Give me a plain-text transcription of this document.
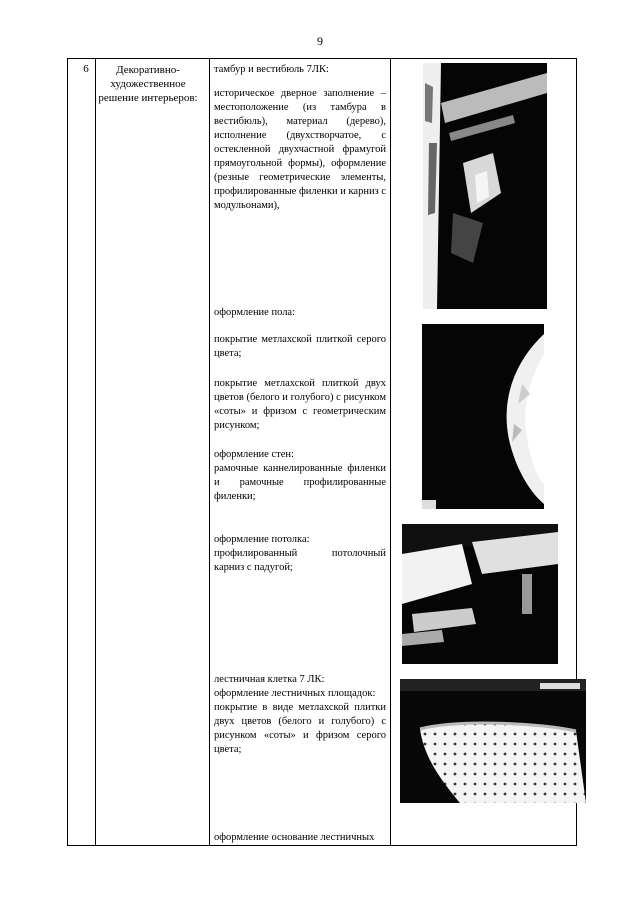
9
6	Декоративно-художественное решение интерьеров:

тамбур и вестибюль 7ЛК:

историческое дверное заполнение – местоположение (из тамбура в вестибюль), материал (дерево), исполнение (двухстворчатое, с остекленной двухчастной фрамугой прямоугольной формы), оформление (резные геометрические элементы, профилированные филенки и карниз с модульонами),

оформление пола:

покрытие метлахской плиткой серого цвета;

покрытие метлахской плиткой двух цветов (белого и голубого) с рисунком «соты» и фризом с геометрическим рисунком;

оформление стен:

рамочные каннелированные филенки и рамочные профилированные филенки;

оформление потолка:

профилированный потолочный карниз с падугой;

лестничная клетка 7 ЛК:

оформление лестничных площадок:

покрытие в виде метлахской плитки двух цветов (белого и голубого) с рисунком «соты» и фризом серого цвета;

оформление основание лестничных
